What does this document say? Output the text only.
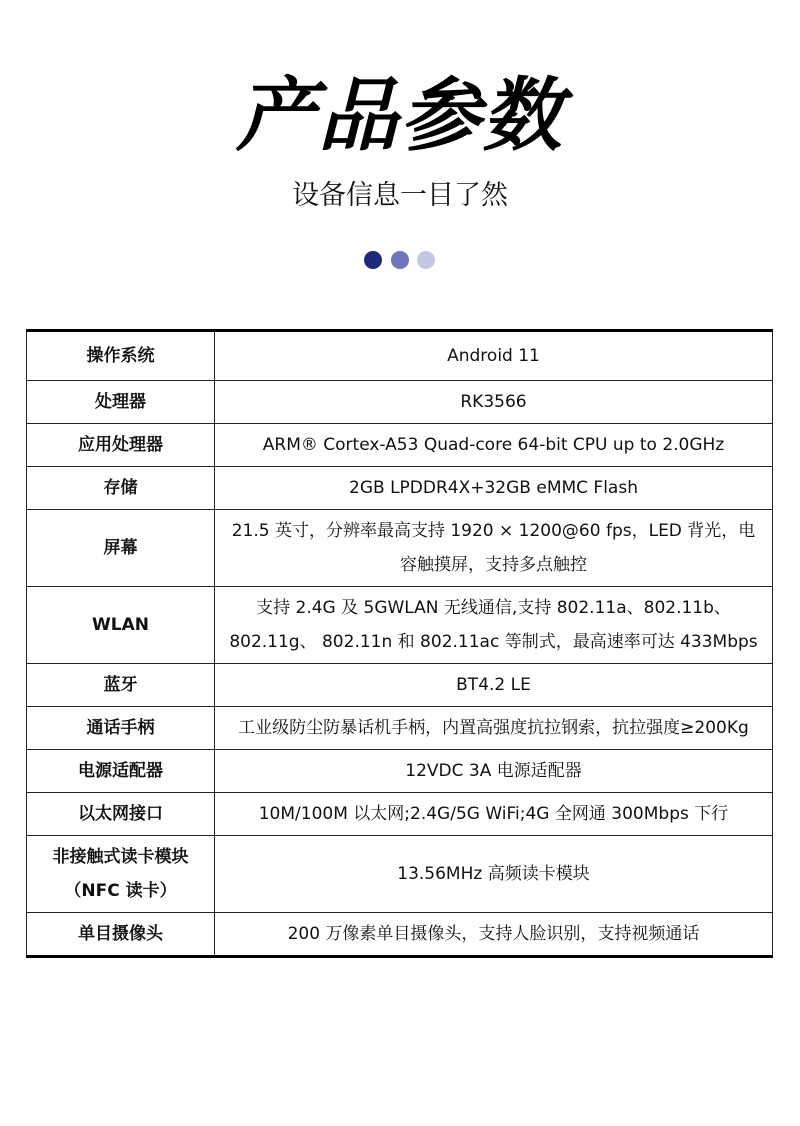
产品参数
设备信息一目了然
操作系统	Android 11
处理器	RK3566
应用处理器	ARM® Cortex-A53 Quad-core 64-bit CPU up to 2.0GHz
存储	2GB LPDDR4X+32GB eMMC Flash
屏幕	21.5 英寸，分辨率最高支持 1920 × 1200@60 fps，LED 背光，电容触摸屏，支持多点触控
WLAN	支持 2.4G 及 5GWLAN 无线通信,支持 802.11a、802.11b、802.11g、 802.11n 和 802.11ac 等制式，最高速率可达 433Mbps
蓝牙	BT4.2 LE
通话手柄	工业级防尘防暴话机手柄，内置高强度抗拉钢索，抗拉强度≥200Kg
电源适配器	12VDC 3A 电源适配器
以太网接口	10M/100M 以太网;2.4G/5G WiFi;4G 全网通 300Mbps 下行
非接触式读卡模块（NFC 读卡）	13.56MHz 高频读卡模块
单目摄像头	200 万像素单目摄像头，支持人脸识别，支持视频通话
